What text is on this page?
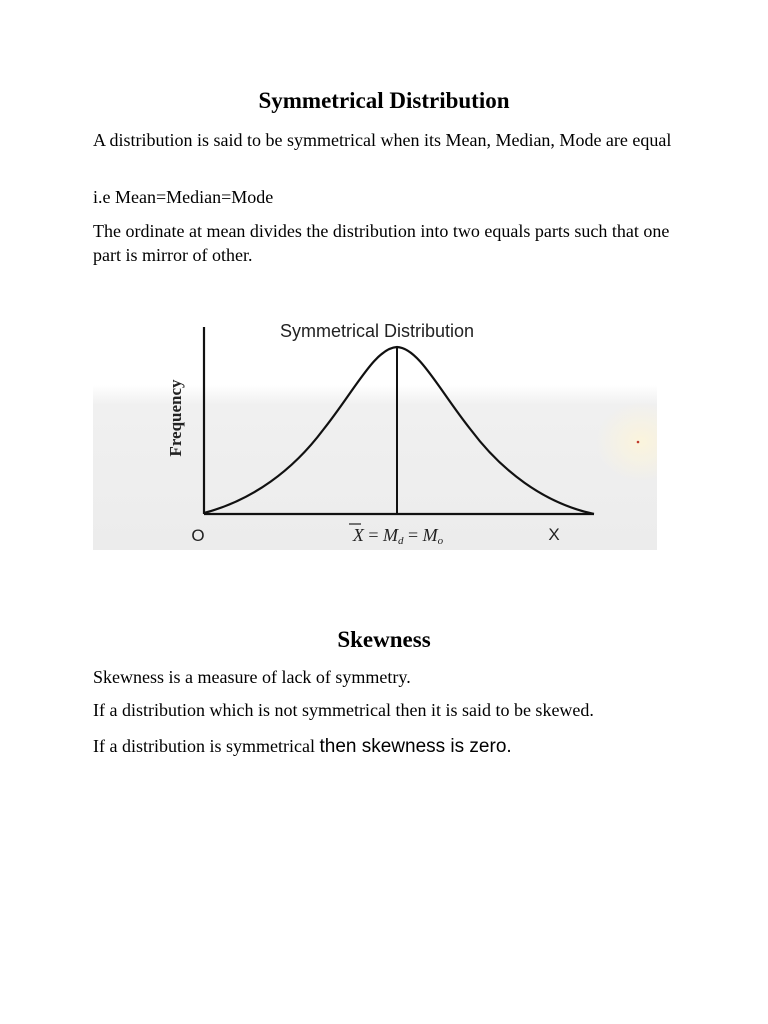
Symmetrical Distribution

A distribution is said to be symmetrical when its Mean, Median, Mode are equal

i.e Mean=Median=Mode

The ordinate at mean divides the distribution into two equals parts such that one part is mirror of other.

Symmetrical Distribution
Frequency
O	X
X = Md = Mo
Skewness

Skewness is a measure of lack of symmetry.

If a distribution which is not symmetrical then it is said to be skewed.

If a distribution is symmetrical then skewness is zero.
